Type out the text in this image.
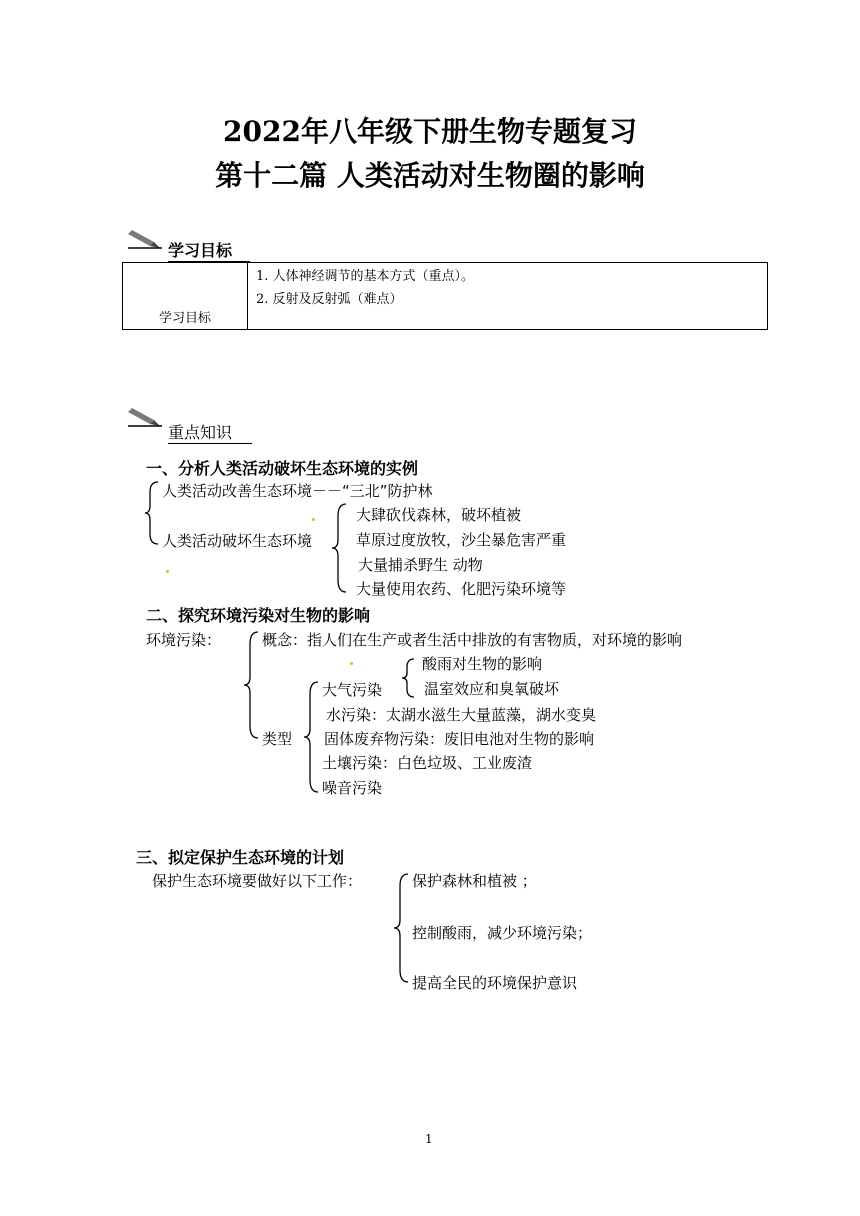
2022年八年级下册生物专题复习
第十二篇 人类活动对生物圈的影响
学习目标
学习目标	
1. 人体神经调节的基本方式（重点）。
2. 反射及反射弧（难点）
重点知识
一、分析人类活动破坏生态环境的实例
人类活动改善生态环境－－“三北”防护林
人类活动破坏生态环境
大肆砍伐森林，破坏植被
草原过度放牧，沙尘暴危害严重
大量捕杀野生 动物
大量使用农药、化肥污染环境等
二、探究环境污染对生物的影响
环境污染：	概念：指人们在生产或者生活中排放的有害物质，对环境的影响
类型
大气污染
酸雨对生物的影响
温室效应和臭氧破坏
水污染：太湖水滋生大量蓝藻，湖水变臭
固体废弃物污染：废旧电池对生物的影响
土壤污染：白色垃圾、工业废渣
噪音污染
三、拟定保护生态环境的计划
保护生态环境要做好以下工作：	保护森林和植被 ；
控制酸雨，减少环境污染；
提高全民的环境保护意识
1
